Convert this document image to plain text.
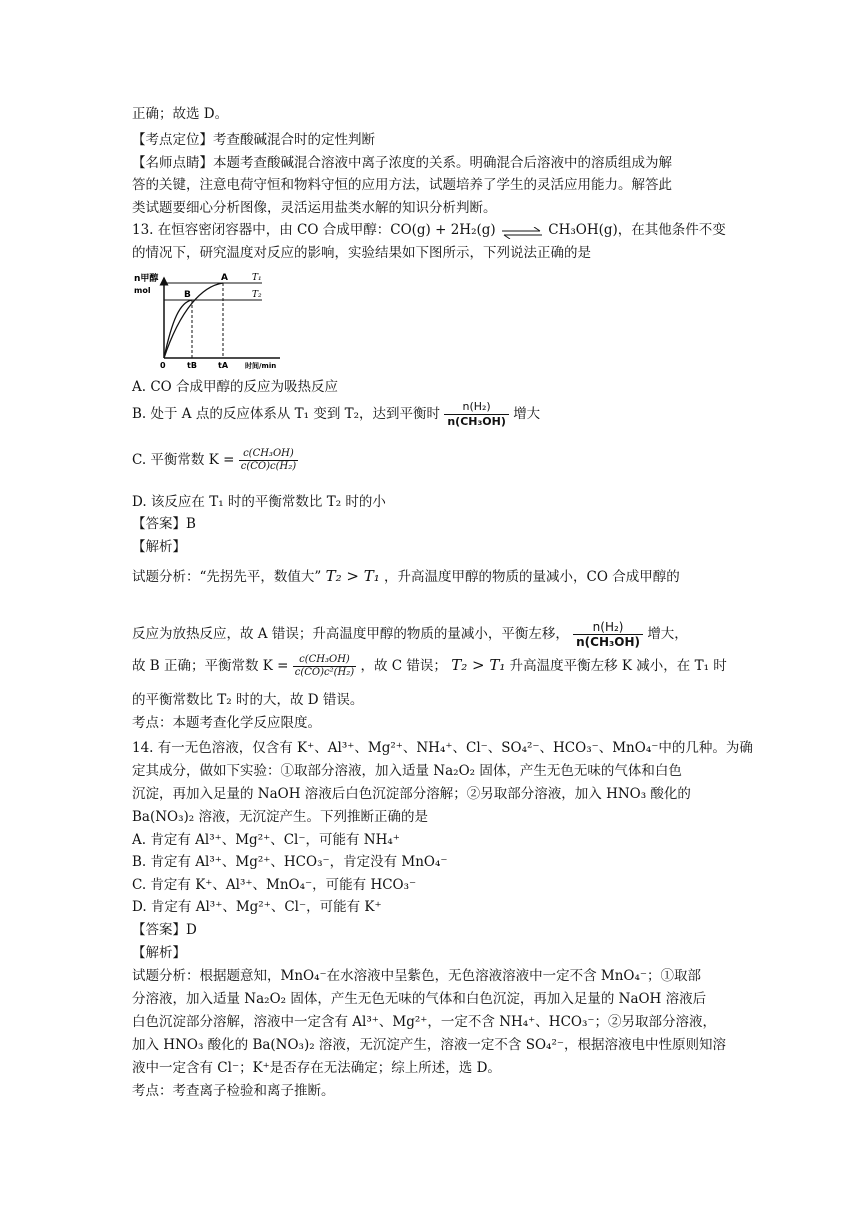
正确；故选 D。
【考点定位】考查酸碱混合时的定性判断
【名师点睛】本题考查酸碱混合溶液中离子浓度的关系。明确混合后溶液中的溶质组成为解
答的关键，注意电荷守恒和物料守恒的应用方法，试题培养了学生的灵活应用能力。解答此
类试题要细心分析图像，灵活运用盐类水解的知识分析判断。
13. 在恒容密闭容器中，由 CO 合成甲醇：CO(g) + 2H₂(g) ⇌ CH₃OH(g)，在其他条件不变
的情况下，研究温度对反应的影响，实验结果如下图所示，下列说法正确的是
n甲醇
mol
A
B
T₁
T₂
0	tB	tA 时间/min
A. CO 合成甲醇的反应为吸热反应
B. 处于 A 点的反应体系从 T₁ 变到 T₂，达到平衡时 $\frac{\text{n(H₂)}}{\text{n(CH₃OH)}}$ 增大
C. 平衡常数 $K = \frac{\text{c(CH₃OH)}}{\text{c(CO)c(H₂)}}$
D. 该反应在 T₁ 时的平衡常数比 T₂ 时的小
【答案】B
【解析】
试题分析：“先拐先平，数值大” T₂ > T₁ ，升高温度甲醇的物质的量减小，CO 合成甲醇的
反应为放热反应，故 A 错误；升高温度甲醇的物质的量减小，平衡左移， $\frac{\text{n(H₂)}}{\text{n(CH₃OH)}}$ 增大，
故 B 正确；平衡常数 $K = \frac{\text{c(CH₃OH)}}{\text{c(CO)c²(H₂)}}$ ，故 C 错误； T₂ > T₁ 升高温度平衡左移 K 减小，在 T₁ 时
的平衡常数比 T₂ 时的大，故 D 错误。
考点：本题考查化学反应限度。
14. 有一无色溶液，仅含有 K⁺、Al³⁺、Mg²⁺、NH₄⁺、Cl⁻、SO₄²⁻、HCO₃⁻、MnO₄⁻中的几种。为确
定其成分，做如下实验：①取部分溶液，加入适量 Na₂O₂ 固体，产生无色无味的气体和白色
沉淀，再加入足量的 NaOH 溶液后白色沉淀部分溶解；②另取部分溶液，加入 HNO₃ 酸化的
Ba(NO₃)₂ 溶液，无沉淀产生。下列推断正确的是
A. 肯定有 Al³⁺、Mg²⁺、Cl⁻，可能有 NH₄⁺
B. 肯定有 Al³⁺、Mg²⁺、HCO₃⁻，肯定没有 MnO₄⁻
C. 肯定有 K⁺、Al³⁺、MnO₄⁻，可能有 HCO₃⁻
D. 肯定有 Al³⁺、Mg²⁺、Cl⁻，可能有 K⁺
【答案】D
【解析】
试题分析：根据题意知，MnO₄⁻在水溶液中呈紫色，无色溶液溶液中一定不含 MnO₄⁻；①取部
分溶液，加入适量 Na₂O₂ 固体，产生无色无味的气体和白色沉淀，再加入足量的 NaOH 溶液后
白色沉淀部分溶解，溶液中一定含有 Al³⁺、Mg²⁺，一定不含 NH₄⁺、HCO₃⁻；②另取部分溶液，
加入 HNO₃ 酸化的 Ba(NO₃)₂ 溶液，无沉淀产生，溶液一定不含 SO₄²⁻，根据溶液电中性原则知溶
液中一定含有 Cl⁻；K⁺是否存在无法确定；综上所述，选 D。
考点：考查离子检验和离子推断。
